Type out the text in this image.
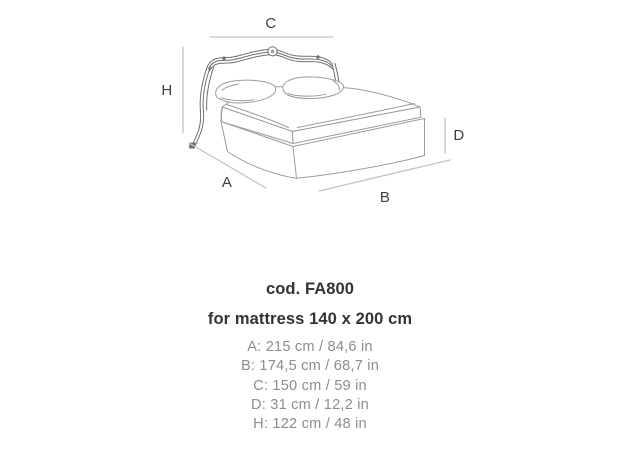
C
H
A
B
D
cod. FA800
for mattress 140 x 200 cm
A: 215 cm / 84,6 in
B: 174,5 cm / 68,7 in
C: 150 cm / 59 in
D: 31 cm / 12,2 in
H: 122 cm / 48 in
